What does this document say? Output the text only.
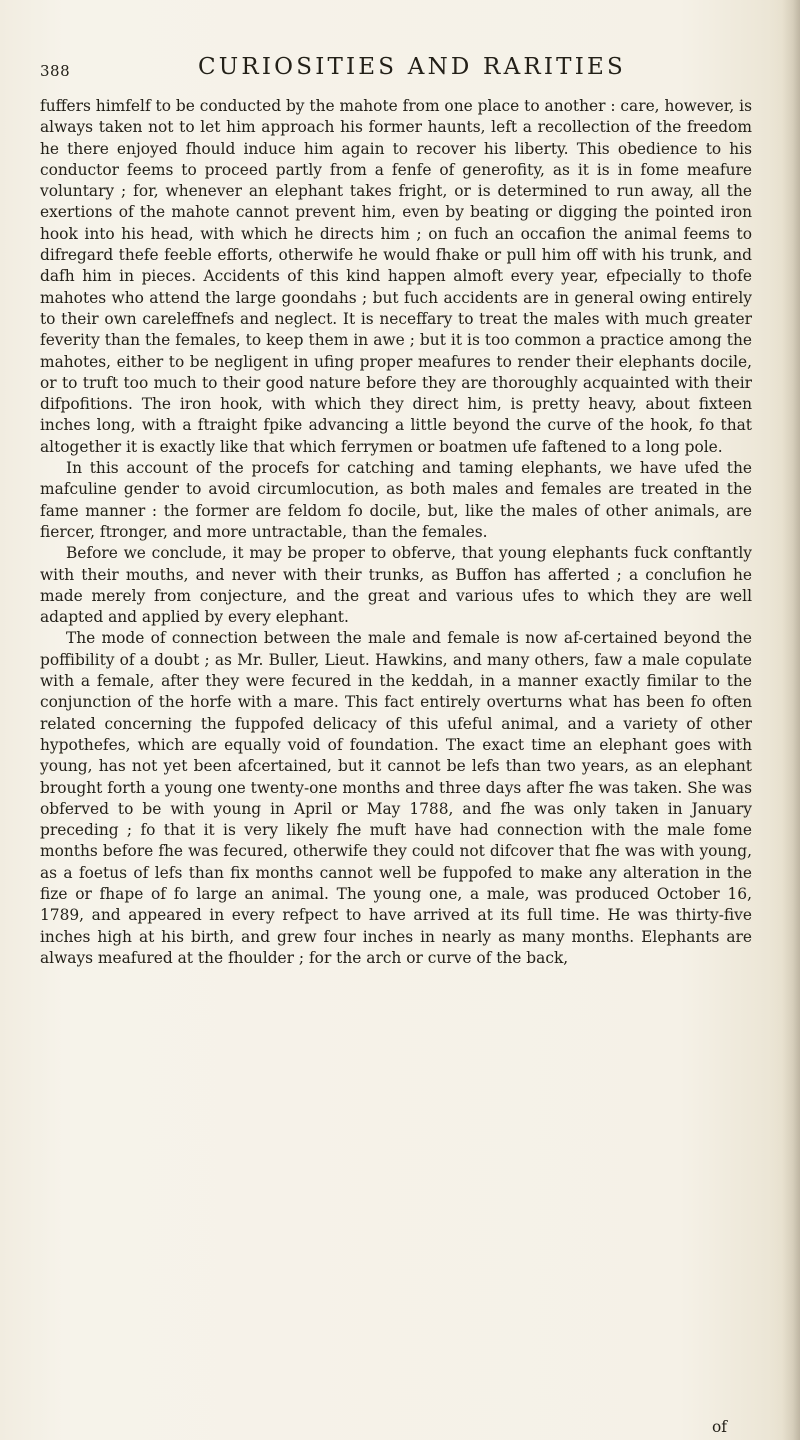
388	CURIOSITIES AND RARITIES

fuffers himfelf to be conducted by the mahote from one place to another : care, however, is always taken not to let him approach his former haunts, left a recollection of the freedom he there enjoyed fhould induce him again to recover his liberty. This obedience to his conductor feems to proceed partly from a fenfe of generofity, as it is in fome meafure voluntary ; for, whenever an elephant takes fright, or is determined to run away, all the exertions of the mahote cannot prevent him, even by beating or digging the pointed iron hook into his head, with which he directs him ; on fuch an occafion the animal feems to difregard thefe feeble efforts, otherwife he would fhake or pull him off with his trunk, and dafh him in pieces. Accidents of this kind happen almoft every year, efpecially to thofe mahotes who attend the large goondahs ; but fuch accidents are in general owing entirely to their own careleffnefs and neglect. It is neceffary to treat the males with much greater feverity than the females, to keep them in awe ; but it is too common a practice among the mahotes, either to be negligent in ufing proper meafures to render their elephants docile, or to truft too much to their good nature before they are thoroughly acquainted with their difpofitions. The iron hook, with which they direct him, is pretty heavy, about fixteen inches long, with a ftraight fpike advancing a little beyond the curve of the hook, fo that altogether it is exactly like that which ferrymen or boatmen ufe faftened to a long pole.

In this account of the procefs for catching and taming elephants, we have ufed the mafculine gender to avoid circumlocution, as both males and females are treated in the fame manner : the former are feldom fo docile, but, like the males of other animals, are fiercer, ftronger, and more untractable, than the females.

Before we conclude, it may be proper to obferve, that young elephants fuck conftantly with their mouths, and never with their trunks, as Buffon has afferted ; a conclufion he made merely from conjecture, and the great and various ufes to which they are well adapted and applied by every elephant.

The mode of connection between the male and female is now af-certained beyond the poffibility of a doubt ; as Mr. Buller, Lieut. Hawkins, and many others, faw a male copulate with a female, after they were fecured in the keddah, in a manner exactly fimilar to the conjunction of the horfe with a mare. This fact entirely overturns what has been fo often related concerning the fuppofed delicacy of this ufeful animal, and a variety of other hypothefes, which are equally void of foundation. The exact time an elephant goes with young, has not yet been afcertained, but it cannot be lefs than two years, as an elephant brought forth a young one twenty-one months and three days after fhe was taken. She was obferved to be with young in April or May 1788, and fhe was only taken in January preceding ; fo that it is very likely fhe muft have had connection with the male fome months before fhe was fecured, otherwife they could not difcover that fhe was with young, as a foetus of lefs than fix months cannot well be fuppofed to make any alteration in the fize or fhape of fo large an animal. The young one, a male, was produced October 16, 1789, and appeared in every refpect to have arrived at its full time. He was thirty-five inches high at his birth, and grew four inches in nearly as many months. Elephants are always meafured at the fhoulder ; for the arch or curve of the back,

of
